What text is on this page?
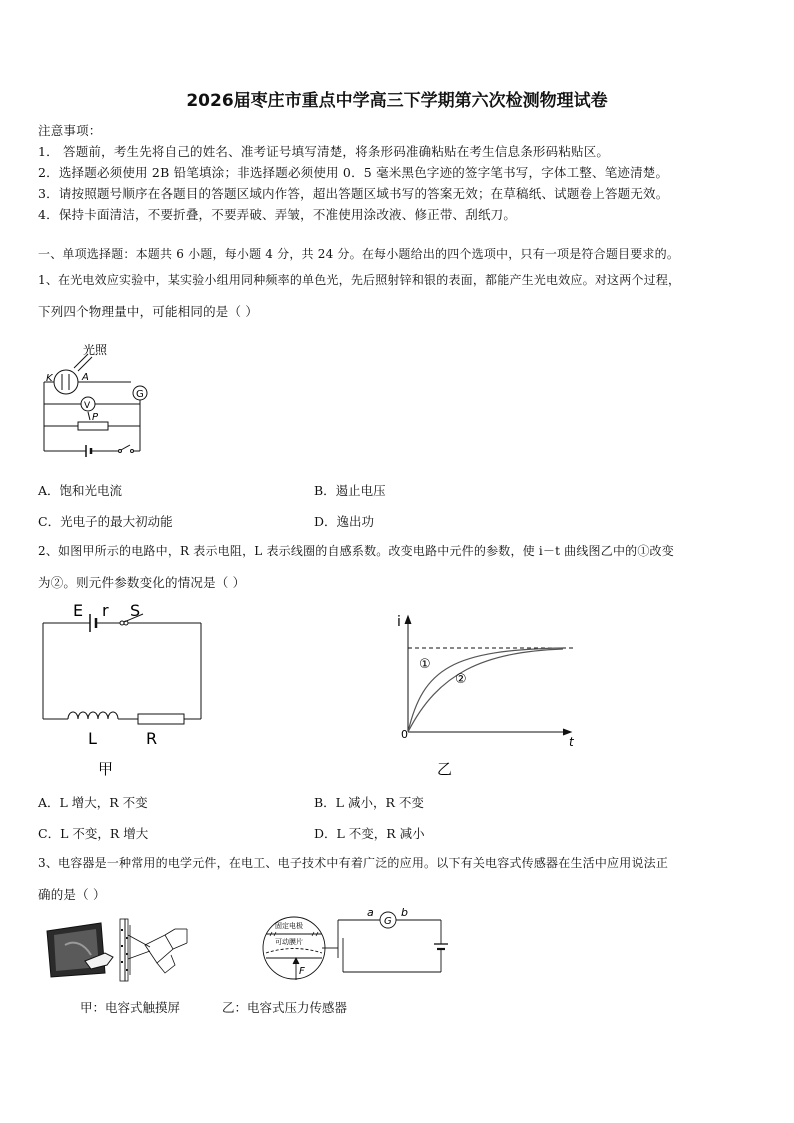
2026届枣庄市重点中学高三下学期第六次检测物理试卷
注意事项：
1． 答题前，考生先将自己的姓名、准考证号填写清楚，将条形码准确粘贴在考生信息条形码粘贴区。
2．选择题必须使用 2B 铅笔填涂；非选择题必须使用 0．5 毫米黑色字迹的签字笔书写，字体工整、笔迹清楚。
3．请按照题号顺序在各题目的答题区域内作答，超出答题区域书写的答案无效；在草稿纸、试题卷上答题无效。
4．保持卡面清洁，不要折叠，不要弄破、弄皱，不准使用涂改液、修正带、刮纸刀。
一、单项选择题：本题共 6 小题，每小题 4 分，共 24 分。在每小题给出的四个选项中，只有一项是符合题目要求的。
1、在光电效应实验中，某实验小组用同种频率的单色光，先后照射锌和银的表面，都能产生光电效应。对这两个过程，
下列四个物理量中，可能相同的是（ ）
光照
K	A
G
V
P
A．饱和光电流	B．遏止电压
C．光电子的最大初动能	D．逸出功
2、如图甲所示的电路中，R 表示电阻，L 表示线圈的自感系数。改变电路中元件的参数，使 i－t 曲线图乙中的①改变
为②。则元件参数变化的情况是（ ）
E r S
L	R
甲
i
t
0
①
②
乙
A．L 增大，R 不变	B．L 减小，R 不变
C．L 不变，R 增大	D．L 不变，R 减小
3、电容器是一种常用的电学元件，在电工、电子技术中有着广泛的应用。以下有关电容式传感器在生活中应用说法正
确的是（ ）
固定电极
可动膜片
F
a b
G
甲：电容式触摸屏	乙：电容式压力传感器
